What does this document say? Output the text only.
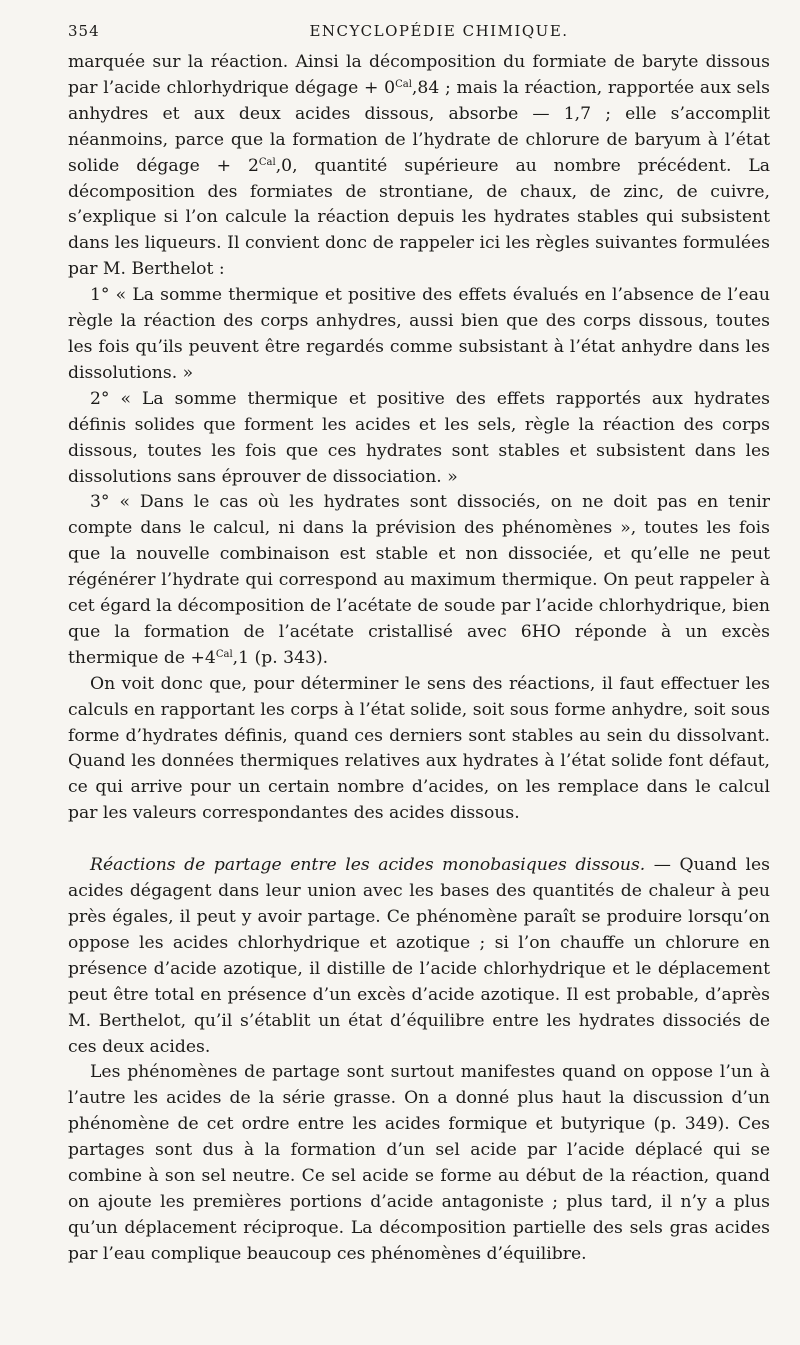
354	ENCYCLOPÉDIE CHIMIQUE.

marquée sur la réaction. Ainsi la décomposition du formiate de baryte dissous par l’acide chlorhydrique dégage + $0^{Cal},84$ ; mais la réaction, rapportée aux sels anhydres et aux deux acides dissous, absorbe — 1,7 ; elle s’accomplit néanmoins, parce que la formation de l’hydrate de chlorure de baryum à l’état solide dégage + $2^{Cal},0$, quantité supérieure au nombre précédent. La décomposition des formiates de strontiane, de chaux, de zinc, de cuivre, s’explique si l’on calcule la réaction depuis les hydrates stables qui subsistent dans les liqueurs. Il convient donc de rappeler ici les règles suivantes formulées par M. Berthelot :

1° « La somme thermique et positive des effets évalués en l’absence de l’eau règle la réaction des corps anhydres, aussi bien que des corps dissous, toutes les fois qu’ils peuvent être regardés comme subsistant à l’état anhydre dans les dissolutions. »

2° « La somme thermique et positive des effets rapportés aux hydrates définis solides que forment les acides et les sels, règle la réaction des corps dissous, toutes les fois que ces hydrates sont stables et subsistent dans les dissolutions sans éprouver de dissociation. »

3° « Dans le cas où les hydrates sont dissociés, on ne doit pas en tenir compte dans le calcul, ni dans la prévision des phénomènes », toutes les fois que la nouvelle combinaison est stable et non dissociée, et qu’elle ne peut régénérer l’hydrate qui correspond au maximum thermique. On peut rappeler à cet égard la décomposition de l’acétate de soude par l’acide chlorhydrique, bien que la formation de l’acétate cristallisé avec 6HO réponde à un excès thermique de $+4^{Cal},1$ (p. 343).

On voit donc que, pour déterminer le sens des réactions, il faut effectuer les calculs en rapportant les corps à l’état solide, soit sous forme anhydre, soit sous forme d’hydrates définis, quand ces derniers sont stables au sein du dissolvant. Quand les données thermiques relatives aux hydrates à l’état solide font défaut, ce qui arrive pour un certain nombre d’acides, on les remplace dans le calcul par les valeurs correspondantes des acides dissous.

Réactions de partage entre les acides monobasiques dissous. — Quand les acides dégagent dans leur union avec les bases des quantités de chaleur à peu près égales, il peut y avoir partage. Ce phénomène paraît se produire lorsqu’on oppose les acides chlorhydrique et azotique ; si l’on chauffe un chlorure en présence d’acide azotique, il distille de l’acide chlorhydrique et le déplacement peut être total en présence d’un excès d’acide azotique. Il est probable, d’après M. Berthelot, qu’il s’établit un état d’équilibre entre les hydrates dissociés de ces deux acides.

Les phénomènes de partage sont surtout manifestes quand on oppose l’un à l’autre les acides de la série grasse. On a donné plus haut la discussion d’un phénomène de cet ordre entre les acides formique et butyrique (p. 349). Ces partages sont dus à la formation d’un sel acide par l’acide déplacé qui se combine à son sel neutre. Ce sel acide se forme au début de la réaction, quand on ajoute les premières portions d’acide antagoniste ; plus tard, il n’y a plus qu’un déplacement réciproque. La décomposition partielle des sels gras acides par l’eau complique beaucoup ces phénomènes d’équilibre.
